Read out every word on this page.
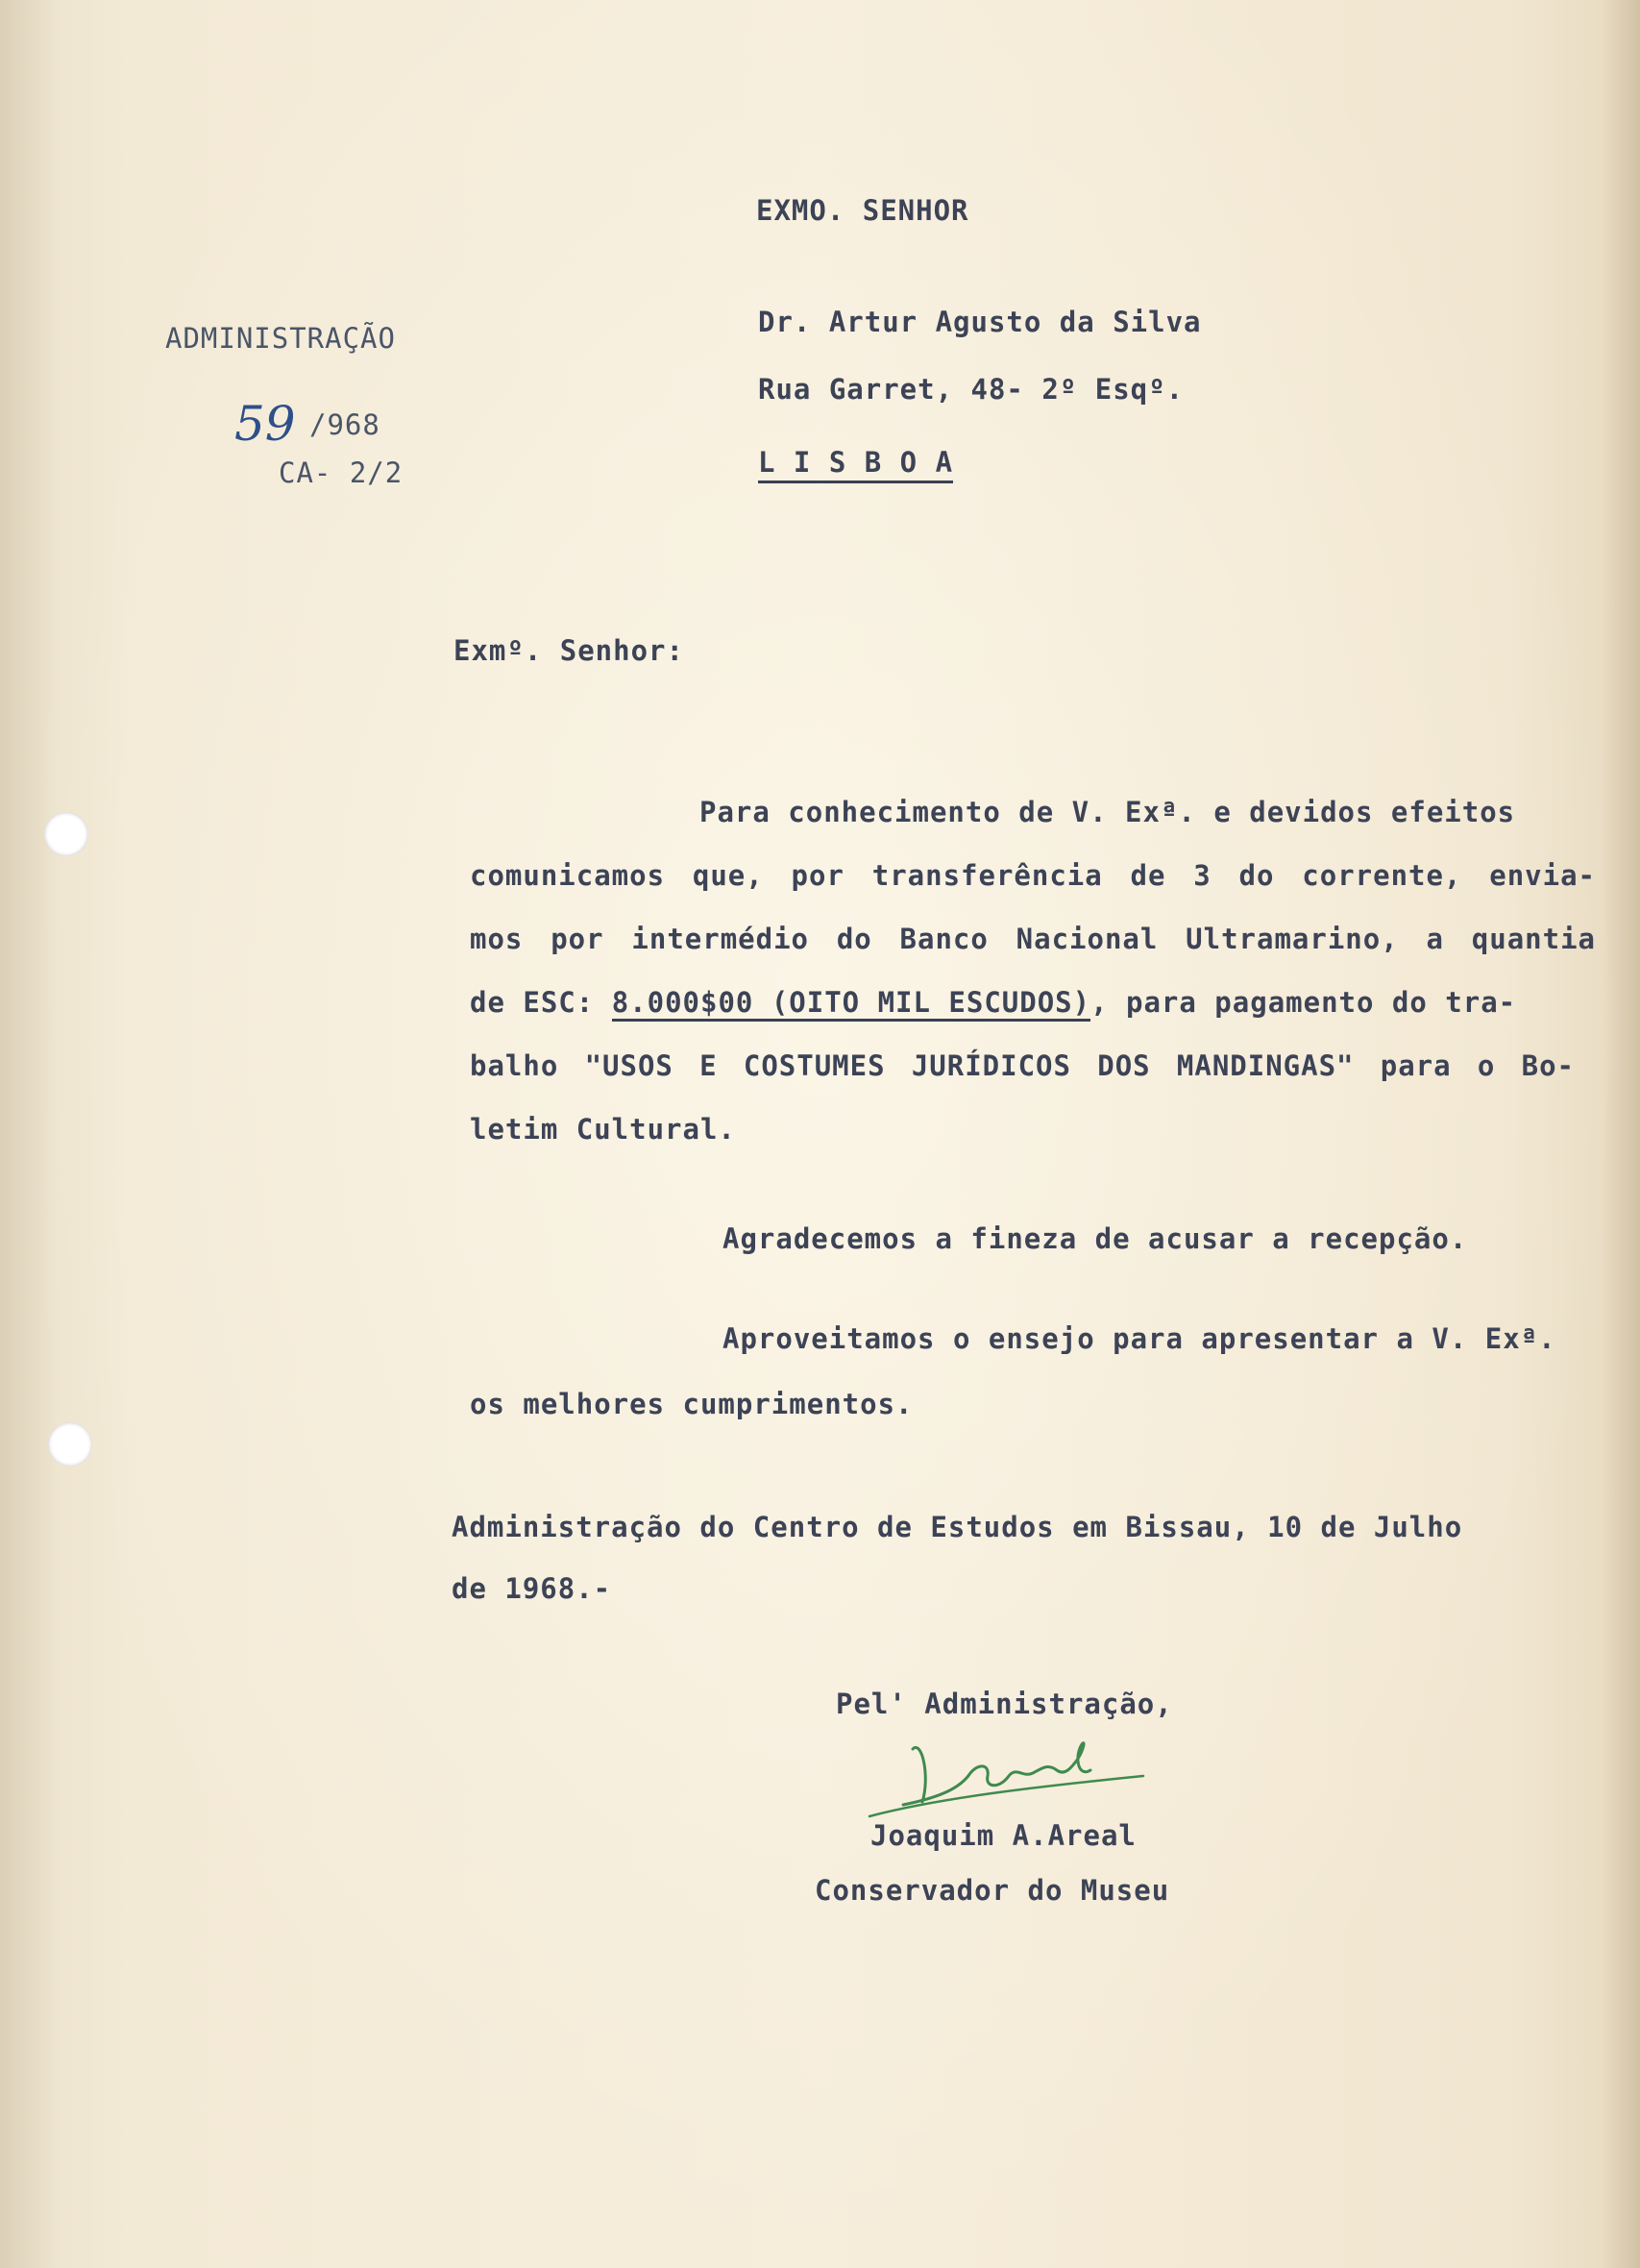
EXMO. SENHOR
Dr. Artur Agusto da Silva
Rua Garret, 48- 2º Esqº.
L I S B O A
ADMINISTRAÇÃO
59 /968
CA- 2/2
Exmº. Senhor:
Para conhecimento de V. Exª. e devidos efeitos
comunicamos que, por transferência de 3 do corrente, envia-
mos por intermédio do Banco Nacional Ultramarino, a quantia
de ESC: 8.000$00 (OITO MIL ESCUDOS), para pagamento do tra-
balho "USOS E COSTUMES JURÍDICOS DOS MANDINGAS" para o Bo-
letim Cultural.
Agradecemos a fineza de acusar a recepção.
Aproveitamos o ensejo para apresentar a V. Exª.
os melhores cumprimentos.
Administração do Centro de Estudos em Bissau, 10 de Julho
de 1968.-
Pel' Administração,
Joaquim A.Areal
Conservador do Museu
